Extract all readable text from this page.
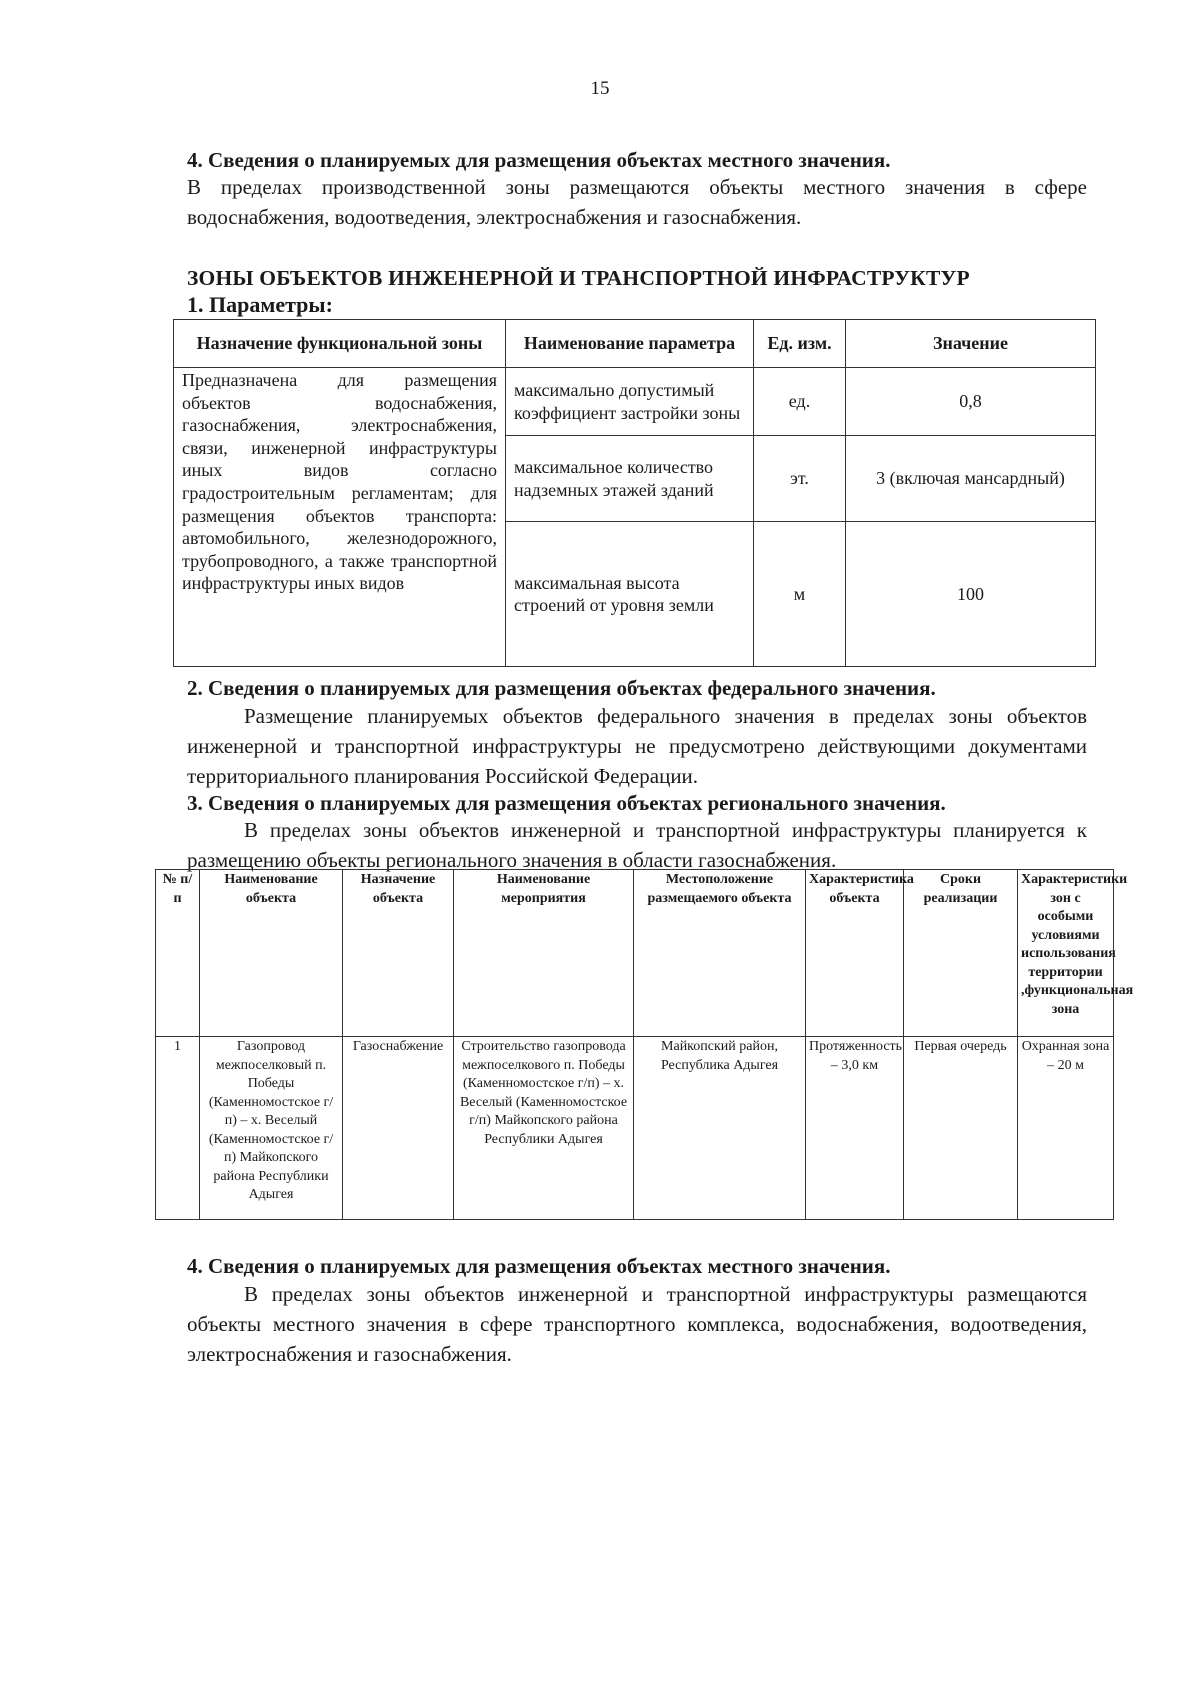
15
4. Сведения о планируемых для размещения объектах местного значения.
В пределах производственной зоны размещаются объекты местного значения в сфере водоснабжения, водоотведения, электроснабжения и газоснабжения.
ЗОНЫ ОБЪЕКТОВ ИНЖЕНЕРНОЙ И ТРАНСПОРТНОЙ ИНФРАСТРУКТУР
1. Параметры:
Назначение функциональной зоны	Наименование параметра	Ед. изм.	Значение
Предназначена для размещения объектов водоснабжения, газоснабжения, электроснабжения, связи, инженерной инфраструктуры иных видов согласно градостроительным регламентам; для размещения объектов транспорта: автомобильного, железнодорожного, трубопроводного, а также транспортной инфраструктуры иных видов	максимально допустимый коэффициент застройки зоны	ед.	0,8
	максимальное количество надземных этажей зданий	эт.	3 (включая мансардный)
	максимальная высота строений от уровня земли	м	100
2. Сведения о планируемых для размещения объектах федерального значения.
Размещение планируемых объектов федерального значения в пределах зоны объектов инженерной и транспортной инфраструктуры не предусмотрено действующими документами территориального планирования Российской Федерации.
3. Сведения о планируемых для размещения объектах регионального значения.
В пределах зоны объектов инженерной и транспортной инфраструктуры планируется к размещению объекты регионального значения в области газоснабжения.
№ п/п	Наименование объекта	Назначение объекта	Наименование мероприятия	Местоположение размещаемого объекта	Характеристика объекта	Сроки реализации	Характеристики зон с особыми условиями использования территории ,функциональная зона
1	Газопровод межпоселковый п. Победы (Каменномостское г/п) – х. Веселый (Каменномостское г/п) Майкопского района Республики Адыгея	Газоснабжение	Строительство газопровода межпоселкового п. Победы (Каменномостское г/п) – х. Веселый (Каменномостское г/п) Майкопского района Республики Адыгея	Майкопский район, Республика Адыгея	Протяженность – 3,0 км	Первая очередь	Охранная зона – 20 м
4. Сведения о планируемых для размещения объектах местного значения.
В пределах зоны объектов инженерной и транспортной инфраструктуры размещаются объекты местного значения в сфере транспортного комплекса, водоснабжения, водоотведения, электроснабжения и газоснабжения.
